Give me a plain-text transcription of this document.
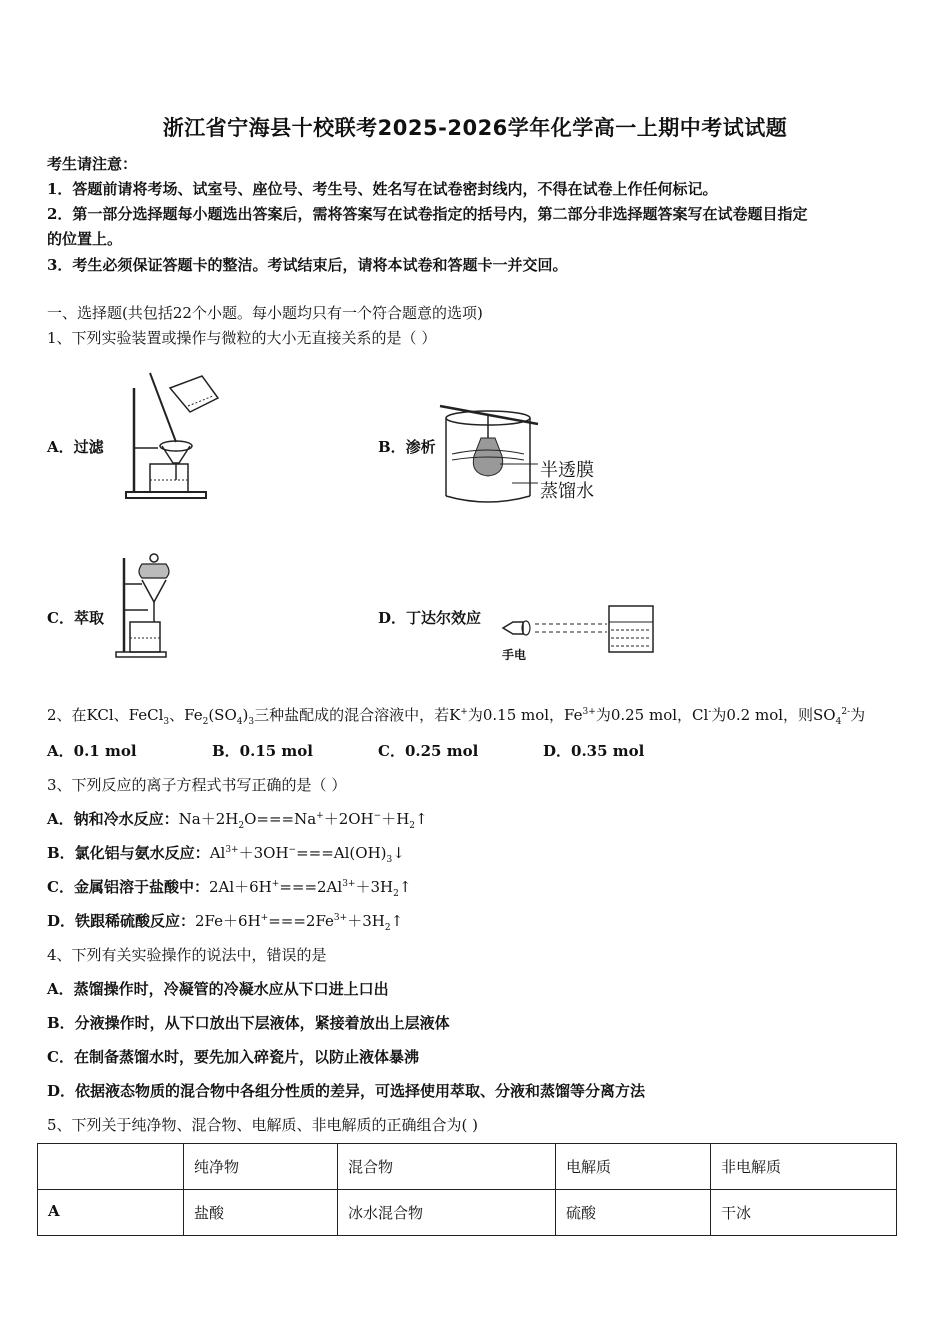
浙江省宁海县十校联考2025-2026学年化学高一上期中考试试题
考生请注意：
1．答题前请将考场、试室号、座位号、考生号、姓名写在试卷密封线内，不得在试卷上作任何标记。
2．第一部分选择题每小题选出答案后，需将答案写在试卷指定的括号内，第二部分非选择题答案写在试卷题目指定
的位置上。
3．考生必须保证答题卡的整洁。考试结束后，请将本试卷和答题卡一并交回。
一、选择题(共包括22个小题。每小题均只有一个符合题意的选项)
1、下列实验装置或操作与微粒的大小无直接关系的是（ ）
A．过滤	B．渗析
半透膜
蒸馏水
C．萃取	D．丁达尔效应
手电
2、在KCl、FeCl$_3$、$Fe_2(SO_4)_3$三种盐配成的混合溶液中，若K+为0.15 mol，$Fe^{3+}$为0.25 mol，Cl-为0.2 mol，则$SO_4^{2-}$为
A．0.1 mol	B．0.15 mol	C．0.25 mol	D．0.35 mol
3、下列反应的离子方程式书写正确的是（ ）
A．钠和冷水反应：$Na+2H_2O===Na^++2OH^-+H_2↑$
B．氯化铝与氨水反应：$Al^{3+}+3OH^-===Al(OH)_3↓$
C．金属铝溶于盐酸中：$2Al+6H^+===2Al^{3+}+3H_2↑$
D．铁跟稀硫酸反应：$2Fe+6H^+===2Fe^{3+}+3H_2↑$
4、下列有关实验操作的说法中，错误的是
A．蒸馏操作时，冷凝管的冷凝水应从下口进上口出
B．分液操作时，从下口放出下层液体，紧接着放出上层液体
C．在制备蒸馏水时，要先加入碎瓷片，以防止液体暴沸
D．依据液态物质的混合物中各组分性质的差异，可选择使用萃取、分液和蒸馏等分离方法
5、下列关于纯净物、混合物、电解质、非电解质的正确组合为( )
	纯净物	混合物	电解质	非电解质
A	盐酸	冰水混合物	硫酸	干冰
